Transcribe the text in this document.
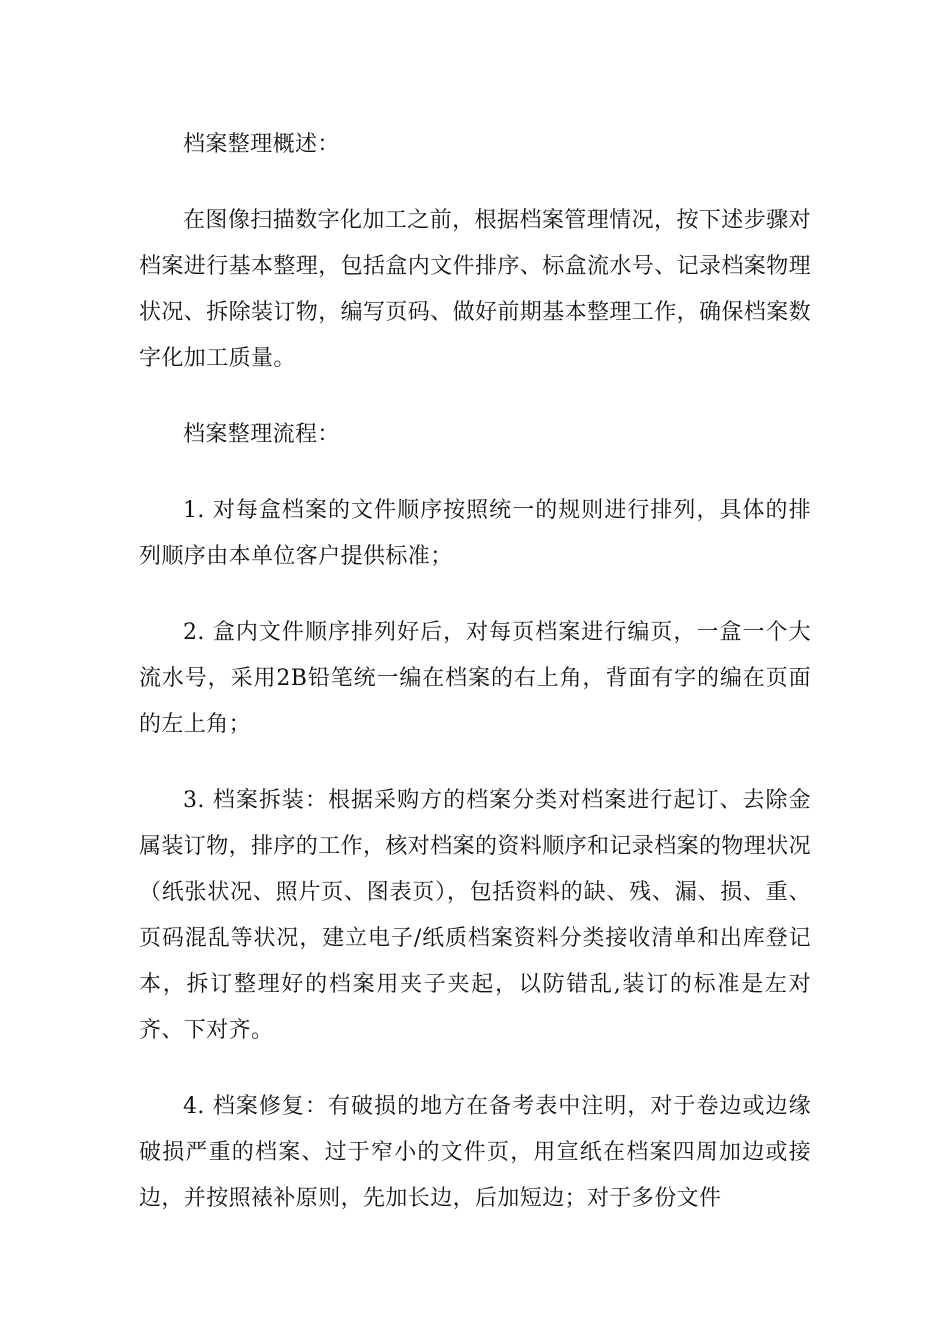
档案整理概述：

在图像扫描数字化加工之前，根据档案管理情况，按下述步骤对档案进行基本整理，包括盒内文件排序、标盒流水号、记录档案物理状况、拆除装订物，编写页码、做好前期基本整理工作，确保档案数字化加工质量。

档案整理流程：

1. 对每盒档案的文件顺序按照统一的规则进行排列，具体的排列顺序由本单位客户提供标准；

2. 盒内文件顺序排列好后，对每页档案进行编页，一盒一个大流水号，采用2B铅笔统一编在档案的右上角，背面有字的编在页面的左上角；

3. 档案拆装：根据采购方的档案分类对档案进行起订、去除金属装订物，排序的工作，核对档案的资料顺序和记录档案的物理状况（纸张状况、照片页、图表页），包括资料的缺、残、漏、损、重、页码混乱等状况，建立电子/纸质档案资料分类接收清单和出库登记本，拆订整理好的档案用夹子夹起，以防错乱,装订的标准是左对齐、下对齐。

4. 档案修复：有破损的地方在备考表中注明，对于卷边或边缘破损严重的档案、过于窄小的文件页，用宣纸在档案四周加边或接边，并按照裱补原则，先加长边，后加短边；对于多份文件
